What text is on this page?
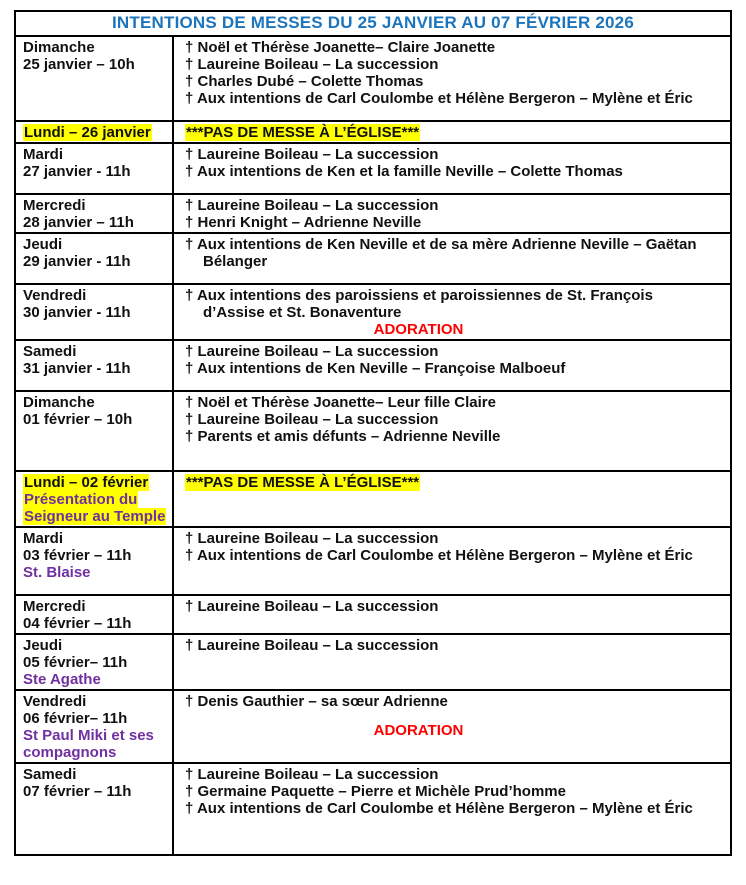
INTENTIONS DE MESSES DU 25 JANVIER AU 07 FÉVRIER 2026
Dimanche
25 janvier – 10h
† Noël et Thérèse Joanette– Claire Joanette
† Laureine Boileau – La succession
† Charles Dubé – Colette Thomas
† Aux intentions de Carl Coulombe et Hélène Bergeron – Mylène et Éric

Lundi – 26 janvier	***PAS DE MESSE À L’ÉGLISE***
Mardi
27 janvier - 11h
† Laureine Boileau – La succession
† Aux intentions de Ken et la famille Neville – Colette Thomas

Mercredi
28 janvier – 11h
† Laureine Boileau – La succession
† Henri Knight – Adrienne Neville
Jeudi
29 janvier - 11h
† Aux intentions de Ken Neville et de sa mère Adrienne Neville – Gaëtan
Bélanger

Vendredi
30 janvier - 11h
† Aux intentions des paroissiens et paroissiennes de St. François
d’Assise et St. Bonaventure
ADORATION
Samedi
31 janvier - 11h
† Laureine Boileau – La succession
† Aux intentions de Ken Neville – Françoise Malboeuf

Dimanche
01 février – 10h
† Noël et Thérèse Joanette– Leur fille Claire
† Laureine Boileau – La succession
† Parents et amis défunts – Adrienne Neville

Lundi – 02 février
Présentation du
Seigneur au Temple
***PAS DE MESSE À L’ÉGLISE***
Mardi
03 février – 11h
St. Blaise

† Laureine Boileau – La succession
† Aux intentions de Carl Coulombe et Hélène Bergeron – Mylène et Éric
Mercredi
04 février – 11h
† Laureine Boileau – La succession
Jeudi
05 février– 11h
Ste Agathe
† Laureine Boileau – La succession
Vendredi
06 février– 11h
St Paul Miki et ses
compagnons
† Denis Gauthier – sa sœur Adrienne

ADORATION
Samedi
07 février – 11h
† Laureine Boileau – La succession
† Germaine Paquette – Pierre et Michèle Prud’homme
† Aux intentions de Carl Coulombe et Hélène Bergeron – Mylène et Éric
